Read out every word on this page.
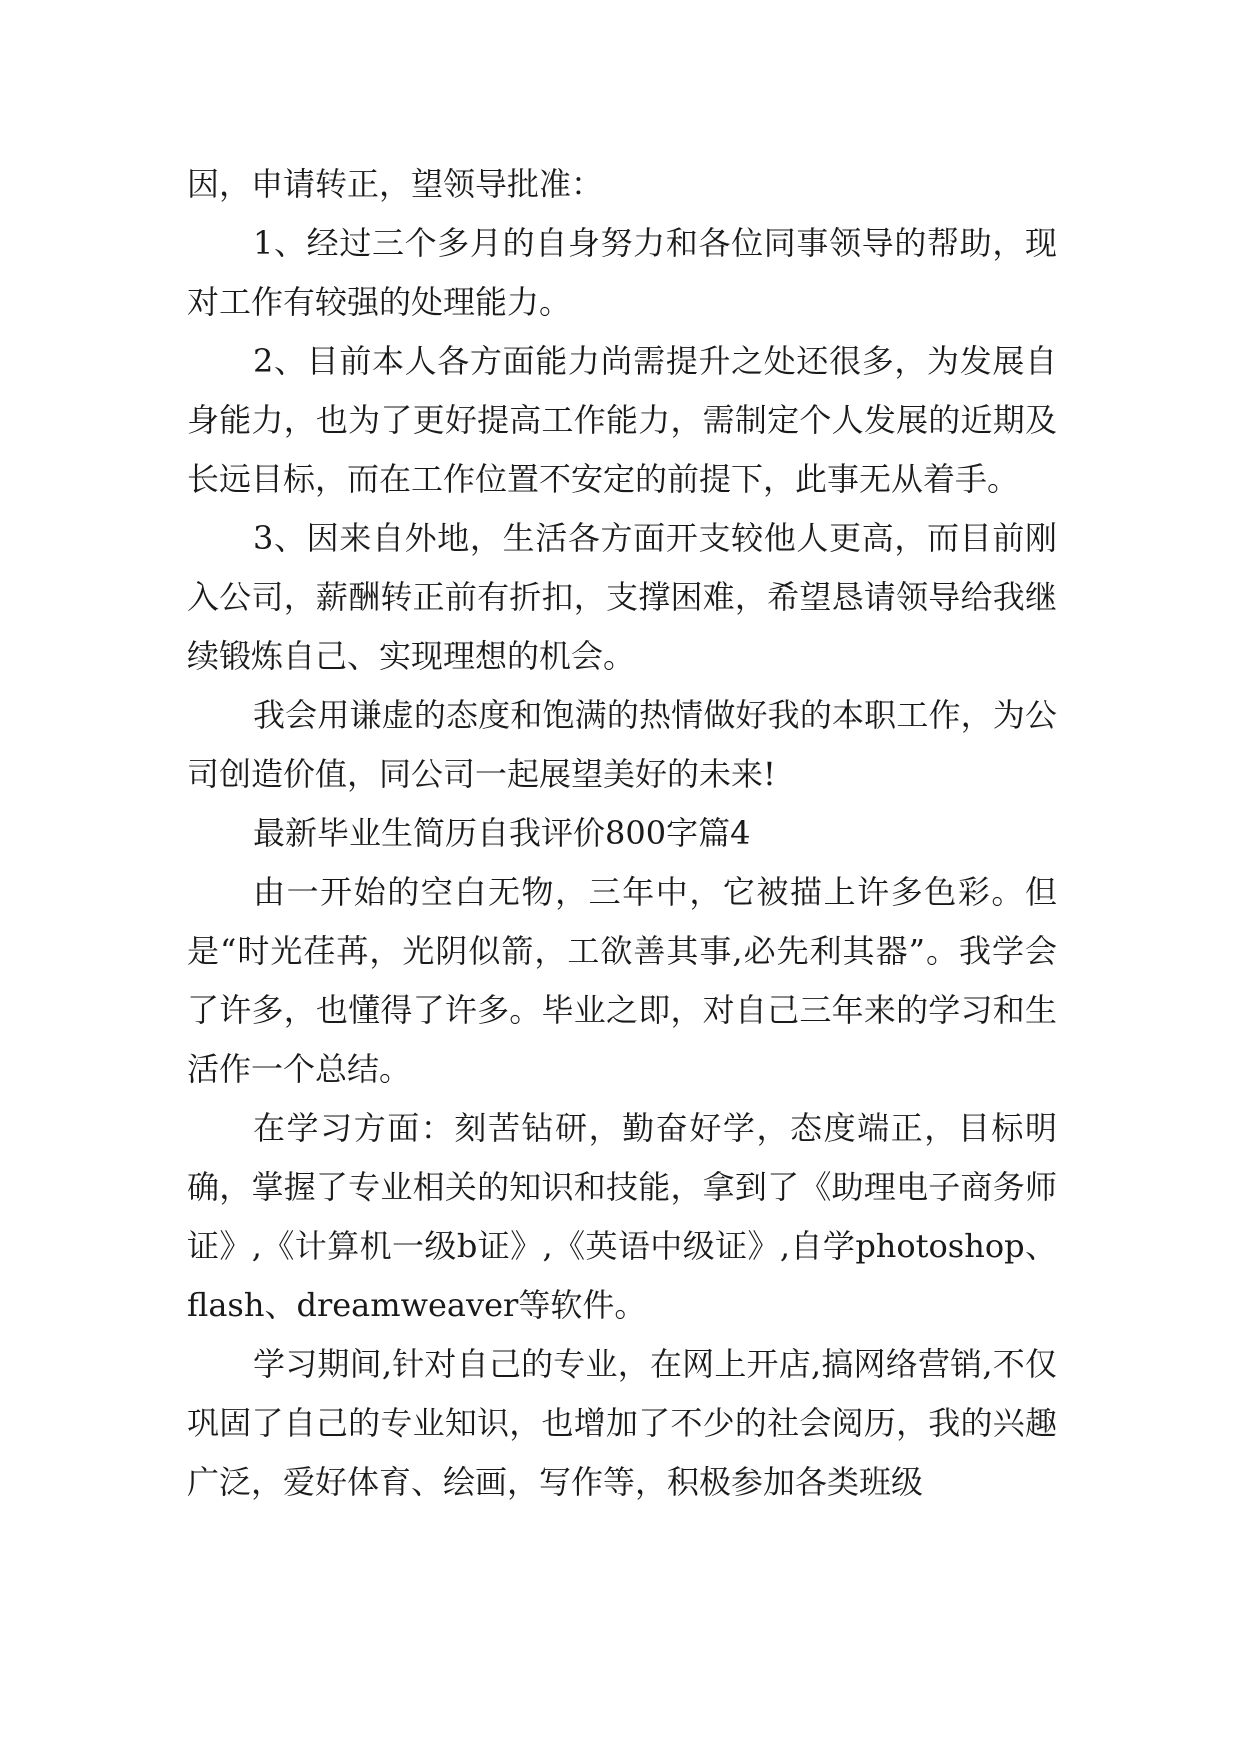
因，申请转正，望领导批准：

1、经过三个多月的自身努力和各位同事领导的帮助，现对工作有较强的处理能力。

2、目前本人各方面能力尚需提升之处还很多，为发展自身能力，也为了更好提高工作能力，需制定个人发展的近期及长远目标，而在工作位置不安定的前提下，此事无从着手。

3、因来自外地，生活各方面开支较他人更高，而目前刚入公司，薪酬转正前有折扣，支撑困难，希望恳请领导给我继续锻炼自己、实现理想的机会。

我会用谦虚的态度和饱满的热情做好我的本职工作，为公司创造价值，同公司一起展望美好的未来!

最新毕业生简历自我评价800字篇4

由一开始的空白无物，三年中，它被描上许多色彩。但是“时光荏苒，光阴似箭，工欲善其事,必先利其器”。我学会了许多，也懂得了许多。毕业之即，对自己三年来的学习和生活作一个总结。

在学习方面：刻苦钻研，勤奋好学，态度端正，目标明确，掌握了专业相关的知识和技能，拿到了《助理电子商务师证》,《计算机一级b证》,《英语中级证》,自学photoshop、flash、dreamweaver等软件。

学习期间,针对自己的专业，在网上开店,搞网络营销,不仅巩固了自己的专业知识，也增加了不少的社会阅历，我的兴趣广泛，爱好体育、绘画，写作等，积极参加各类班级
